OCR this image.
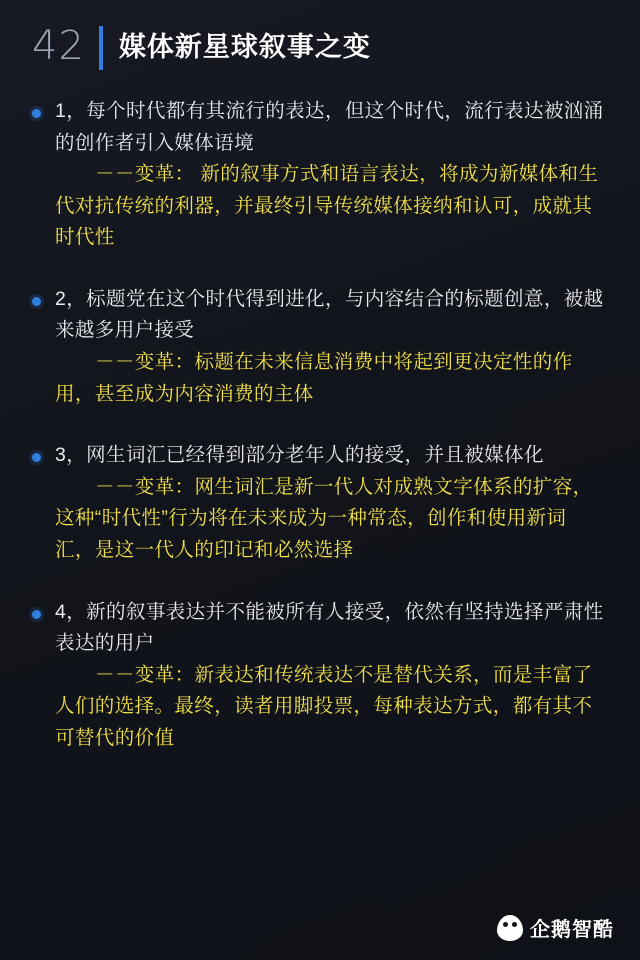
42	媒体新星球叙事之变

1，每个时代都有其流行的表达，但这个时代，流行表达被汹涌的创作者引入媒体语境

－－变革： 新的叙事方式和语言表达，将成为新媒体和生代对抗传统的利器，并最终引导传统媒体接纳和认可，成就其时代性

2，标题党在这个时代得到进化，与内容结合的标题创意，被越来越多用户接受

－－变革：标题在未来信息消费中将起到更决定性的作用，甚至成为内容消费的主体

3，网生词汇已经得到部分老年人的接受，并且被媒体化

－－变革：网生词汇是新一代人对成熟文字体系的扩容，这种“时代性”行为将在未来成为一种常态，创作和使用新词汇，是这一代人的印记和必然选择

4，新的叙事表达并不能被所有人接受，依然有坚持选择严肃性表达的用户

－－变革：新表达和传统表达不是替代关系，而是丰富了人们的选择。最终，读者用脚投票，每种表达方式，都有其不可替代的价值

企鹅智酷
